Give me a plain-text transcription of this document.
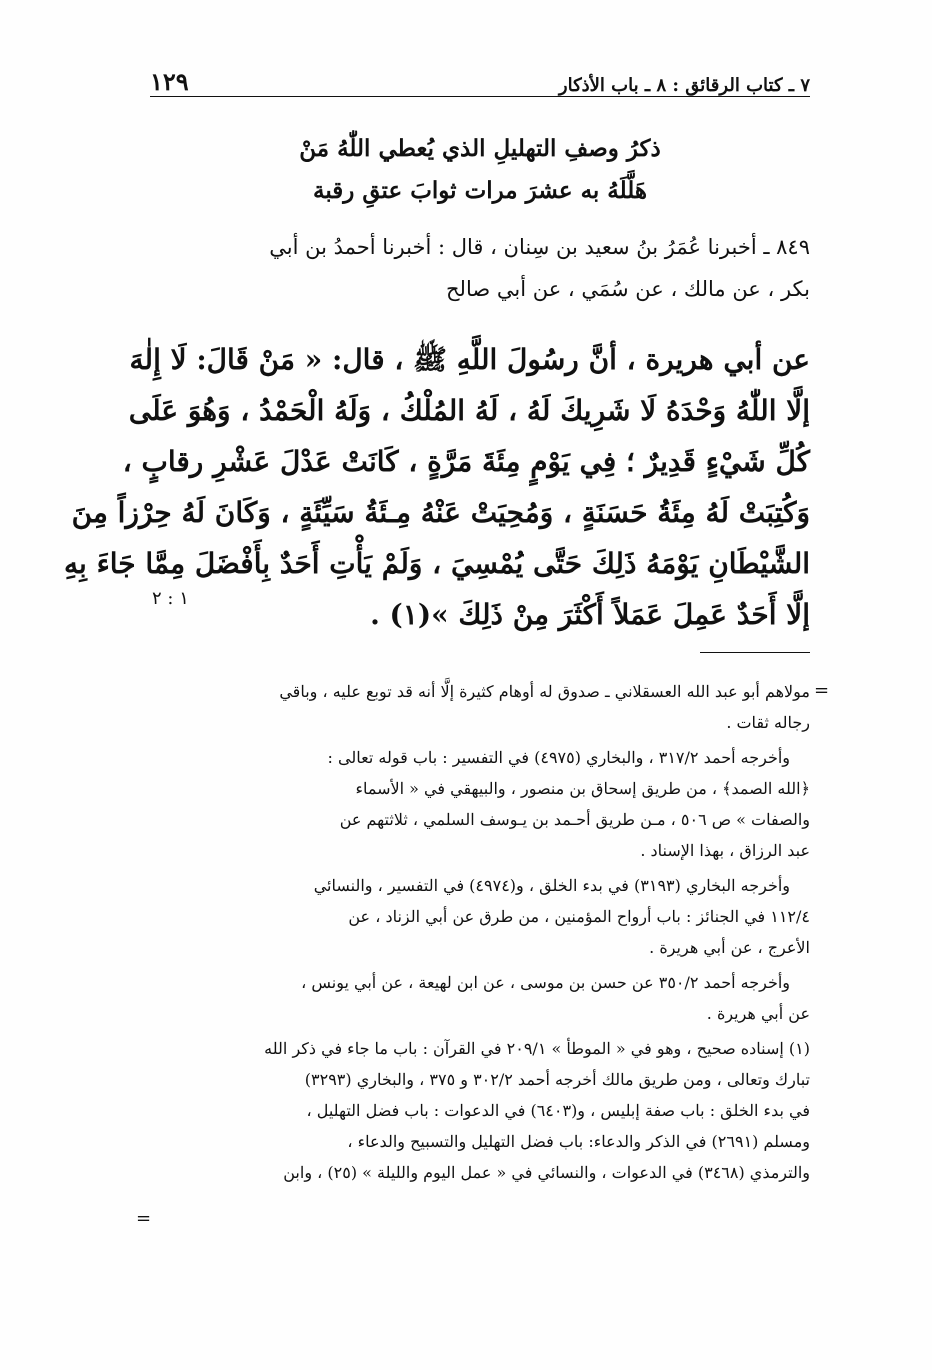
١٢٩	٧ ـ كتاب الرقائق : ٨ ـ باب الأذكار
ذكرُ وصفِ التهليلِ الذي يُعطي اللّٰهُ مَنْ
هَلَّلَهُ به عشرَ مرات ثوابَ عتقِ رقبة
٨٤٩ ـ أخبرنا عُمَرُ بنُ سعيد بن سِنان ، قال : أخبرنا أحمدُ بن أبي
بكر ، عن مالك ، عن سُمَي ، عن أبي صالح
عن أبي هريرة ، أنَّ رسُولَ اللَّهِ ﷺ ، قال: « مَنْ قَالَ: لَا إِلٰهَ
إلَّا اللّٰهُ وَحْدَهُ لَا شَرِيكَ لَهُ ، لَهُ المُلْكُ ، وَلَهُ الْحَمْدُ ، وَهُوَ عَلَى
كُلِّ شَيْءٍ قَدِيرٌ ؛ فِي يَوْمٍ مِئَةَ مَرَّةٍ ، كَانَتْ عَدْلَ عَشْرِ رقابٍ ،
وَكُتِبَتْ لَهُ مِئَةُ حَسَنَةٍ ، وَمُحِيَتْ عَنْهُ مِـئَةُ سَيِّئَةٍ ، وَكَانَ لَهُ حِرْزاً مِنَ
الشَّيْطَانِ يَوْمَهُ ذَلِكَ حَتَّى يُمْسِيَ ، وَلَمْ يَأْتِ أَحَدٌ بِأَفْضَلَ مِمَّا جَاءَ بِهِ
إلَّا أَحَدٌ عَمِلَ عَمَلاً أَكْثَرَ مِنْ ذَلِكَ »(١) .
١ : ٢
=
مولاهم أبو عبد الله العسقلاني ـ صدوق له أوهام كثيرة إلَّا أنه قد توبع عليه ، وباقي
رجاله ثقات .
وأخرجه أحمد ٣١٧/٢ ، والبخاري (٤٩٧٥) في التفسير : باب قوله تعالى :
﴿الله الصمد﴾ ، من طريق إسحاق بن منصور ، والبيهقي في « الأسماء
والصفات » ص ٥٠٦ ، مـن طريق أحـمد بن يـوسف السلمي ، ثلاثتهم عن
عبد الرزاق ، بهذا الإسناد .
وأخرجه البخاري (٣١٩٣) في بدء الخلق ، و(٤٩٧٤) في التفسير ، والنسائي
١١٢/٤ في الجنائز : باب أرواح المؤمنين ، من طرق عن أبي الزناد ، عن
الأعرج ، عن أبي هريرة .
وأخرجه أحمد ٣٥٠/٢ عن حسن بن موسى ، عن ابن لهيعة ، عن أبي يونس ،
عن أبي هريرة .
(١) إسناده صحيح ، وهو في « الموطأ » ٢٠٩/١ في القرآن : باب ما جاء في ذكر الله
تبارك وتعالى ، ومن طريق مالك أخرجه أحمد ٣٠٢/٢ و ٣٧٥ ، والبخاري (٣٢٩٣)
في بدء الخلق : باب صفة إبليس ، و(٦٤٠٣) في الدعوات : باب فضل التهليل ،
ومسلم (٢٦٩١) في الذكر والدعاء: باب فضل التهليل والتسبيح والدعاء ،
والترمذي (٣٤٦٨) في الدعوات ، والنسائي في « عمل اليوم والليلة » (٢٥) ، وابن
=
